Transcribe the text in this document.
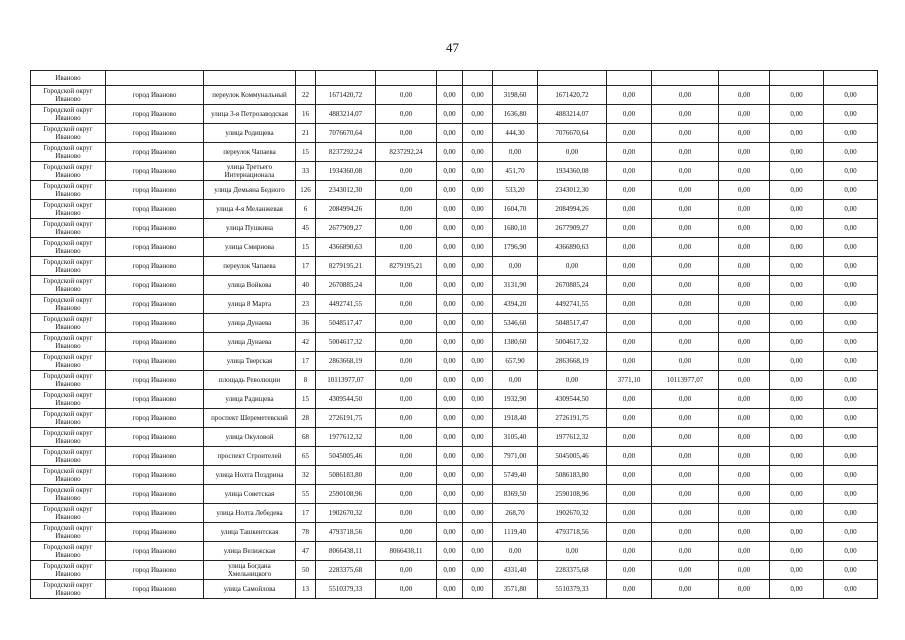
47
Иваново														
Городской округ Иваново	город Иваново	переулок Коммунальный	22	1671420,72	0,00	0,00	0,00	3198,60	1671420,72	0,00	0,00	0,00	0,00	0,00
Городской округ Иваново	город Иваново	улица 3-я Петрозаводская	16	4883214,07	0,00	0,00	0,00	1636,80	4883214,07	0,00	0,00	0,00	0,00	0,00
Городской округ Иваново	город Иваново	улица Родищева	21	7076670,64	0,00	0,00	0,00	444,30	7076670,64	0,00	0,00	0,00	0,00	0,00
Городской округ Иваново	город Иваново	переулок Чапаева	15	8237292,24	8237292,24	0,00	0,00	0,00	0,00	0,00	0,00	0,00	0,00	0,00
Городской округ Иваново	город Иваново	улица Третьего Интернационала	33	1934360,08	0,00	0,00	0,00	451,70	1934360,08	0,00	0,00	0,00	0,00	0,00
Городской округ Иваново	город Иваново	улица Демьяна Бедного	126	2343012,30	0,00	0,00	0,00	533,20	2343012,30	0,00	0,00	0,00	0,00	0,00
Городской округ Иваново	город Иваново	улица 4-я Меланжевая	6	2084994,26	0,00	0,00	0,00	1604,70	2084994,26	0,00	0,00	0,00	0,00	0,00
Городской округ Иваново	город Иваново	улица Пушкина	45	2677909,27	0,00	0,00	0,00	1680,10	2677909,27	0,00	0,00	0,00	0,00	0,00
Городской округ Иваново	город Иваново	улица Смирнова	15	4366890,63	0,00	0,00	0,00	1796,90	4366890,63	0,00	0,00	0,00	0,00	0,00
Городской округ Иваново	город Иваново	переулок Чапаева	17	8279195,21	8279195,21	0,00	0,00	0,00	0,00	0,00	0,00	0,00	0,00	0,00
Городской округ Иваново	город Иваново	улица Войкова	40	2670885,24	0,00	0,00	0,00	3131,90	2670885,24	0,00	0,00	0,00	0,00	0,00
Городской округ Иваново	город Иваново	улица 8 Марта	23	4492741,55	0,00	0,00	0,00	4394,20	4492741,55	0,00	0,00	0,00	0,00	0,00
Городской округ Иваново	город Иваново	улица Дунаева	36	5048517,47	0,00	0,00	0,00	5346,60	5048517,47	0,00	0,00	0,00	0,00	0,00
Городской округ Иваново	город Иваново	улица Дунаева	42	5004617,32	0,00	0,00	0,00	1380,60	5004617,32	0,00	0,00	0,00	0,00	0,00
Городской округ Иваново	город Иваново	улица Тверская	17	2863668,19	0,00	0,00	0,00	657,90	2863668,19	0,00	0,00	0,00	0,00	0,00
Городской округ Иваново	город Иваново	площадь Революции	8	10113977,07	0,00	0,00	0,00	0,00	0,00	3771,10	10113977,07	0,00	0,00	0,00
Городской округ Иваново	город Иваново	улица Радищева	15	4309544,50	0,00	0,00	0,00	1932,90	4309544,50	0,00	0,00	0,00	0,00	0,00
Городской округ Иваново	город Иваново	проспект Шереметевский	28	2726191,75	0,00	0,00	0,00	1918,40	2726191,75	0,00	0,00	0,00	0,00	0,00
Городской округ Иваново	город Иваново	улица Окуловой	68	1977612,32	0,00	0,00	0,00	3105,40	1977612,32	0,00	0,00	0,00	0,00	0,00
Городской округ Иваново	город Иваново	проспект Строителей	65	5045005,46	0,00	0,00	0,00	7971,00	5045005,46	0,00	0,00	0,00	0,00	0,00
Городской округ Иваново	город Иваново	улица Нолта Поздрина	32	5086183,80	0,00	0,00	0,00	5749,40	5086183,80	0,00	0,00	0,00	0,00	0,00
Городской округ Иваново	город Иваново	улица Советская	55	2590108,96	0,00	0,00	0,00	8369,50	2590108,96	0,00	0,00	0,00	0,00	0,00
Городской округ Иваново	город Иваново	улица Нолта Лебедева	17	1902670,32	0,00	0,00	0,00	268,70	1902670,32	0,00	0,00	0,00	0,00	0,00
Городской округ Иваново	город Иваново	улица Ташкентская	78	4793718,56	0,00	0,00	0,00	1119,40	4793718,56	0,00	0,00	0,00	0,00	0,00
Городской округ Иваново	город Иваново	улица Велижская	47	8066438,11	8066438,11	0,00	0,00	0,00	0,00	0,00	0,00	0,00	0,00	0,00
Городской округ Иваново	город Иваново	улица Богдана Хмельницкого	50	2283375,68	0,00	0,00	0,00	4331,40	2283375,68	0,00	0,00	0,00	0,00	0,00
Городской округ Иваново	город Иваново	улица Самойлова	13	5510379,33	0,00	0,00	0,00	3571,80	5510379,33	0,00	0,00	0,00	0,00	0,00
